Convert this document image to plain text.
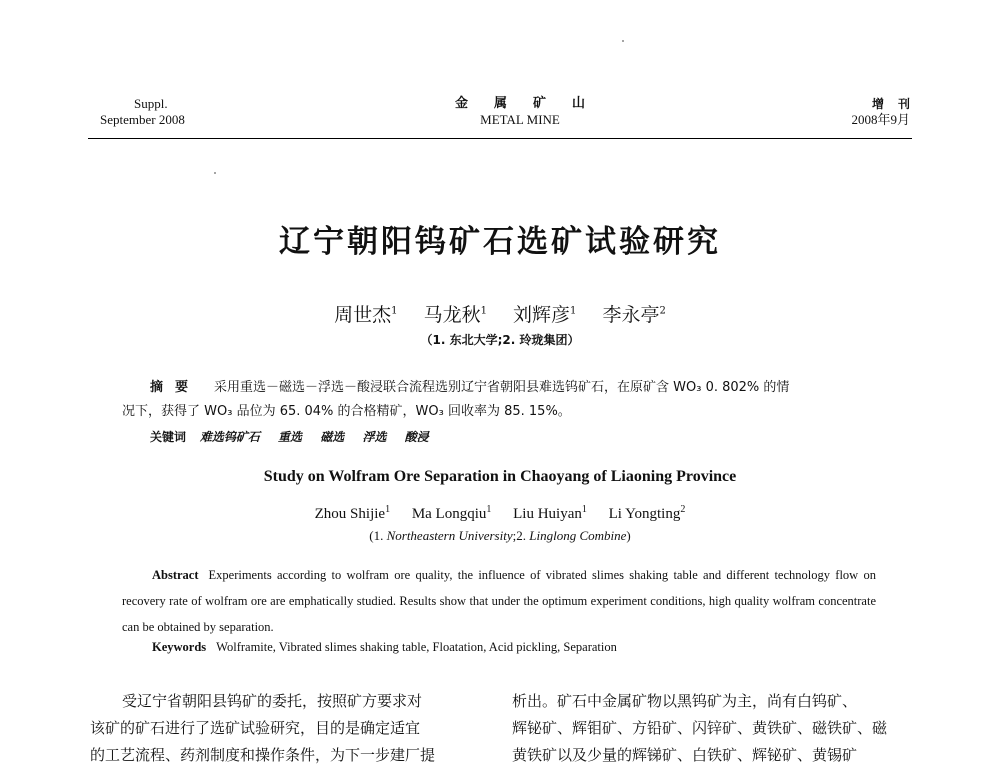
Suppl.
September 2008
金属矿山
METAL MINE
增刊
2008年9月
辽宁朝阳钨矿石选矿试验研究
周世杰$^1$ 马龙秋$^1$ 刘辉彦$^1$ 李永亭$^2$
（1. 东北大学;2. 玲珑集团）
摘要 采用重选－磁选－浮选－酸浸联合流程选别辽宁省朝阳县难选钨矿石，在原矿含 WO₃ 0. 802% 的情
况下，获得了 WO₃ 品位为 65. 04% 的合格精矿，WO₃ 回收率为 85. 15%。
关键词 难选钨矿石 重选 磁选 浮选 酸浸
Study on Wolfram Ore Separation in Chaoyang of Liaoning Province
Zhou Shijie$^1$ Ma Longqiu$^1$ Liu Huiyan$^1$ Li Yongting$^2$
(1. Northeastern University;2. Linglong Combine)
Abstract Experiments according to wolfram ore quality, the influence of vibrated slimes shaking table and different technology flow on recovery rate of wolfram ore are emphatically studied. Results show that under the optimum experiment conditions, high quality wolfram concentrate can be obtained by separation.
Keywords Wolframite, Vibrated slimes shaking table, Floatation, Acid pickling, Separation
受辽宁省朝阳县钨矿的委托，按照矿方要求对
该矿的矿石进行了选矿试验研究，目的是确定适宜
的工艺流程、药剂制度和操作条件，为下一步建厂提
析出。矿石中金属矿物以黑钨矿为主，尚有白钨矿、
辉铋矿、辉钼矿、方铅矿、闪锌矿、黄铁矿、磁铁矿、磁
黄铁矿以及少量的辉锑矿、白铁矿、辉铋矿、黄锡矿
